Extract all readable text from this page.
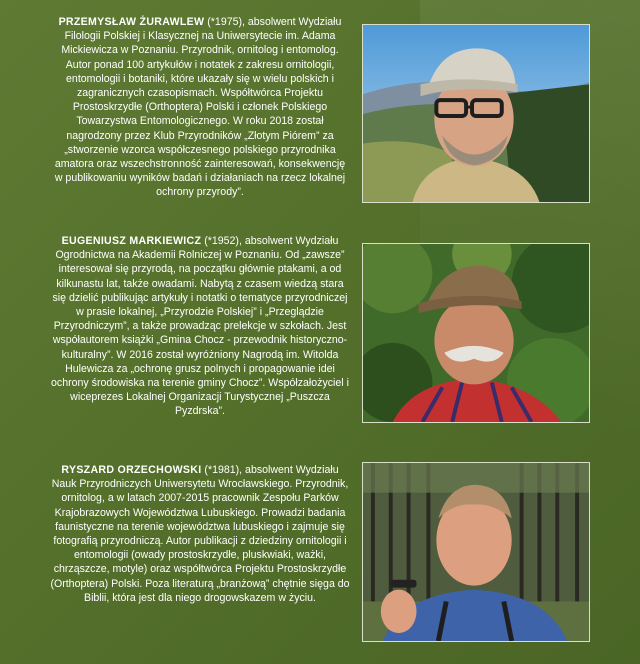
PRZEMYSŁAW ŻURAWLEW (*1975), absolwent Wydziału Filologii Polskiej i Klasycznej na Uniwersytecie im. Adama Mickiewicza w Poznaniu. Przyrodnik, ornitolog i entomolog. Autor ponad 100 artykułów i notatek z zakresu ornitologii, entomologii i botaniki, które ukazały się w wielu polskich i zagranicznych czasopismach. Współtwórca Projektu Prostoskrzydłe (Orthoptera) Polski i członek Polskiego Towarzystwa Entomologicznego. W roku 2018 został nagrodzony przez Klub Przyrodników „Złotym Piórem” za „stworzenie wzorca współczesnego polskiego przyrodnika amatora oraz wszechstronność zainteresowań, konsekwencję w publikowaniu wyników badań i działaniach na rzecz lokalnej ochrony przyrody”.

EUGENIUSZ MARKIEWICZ (*1952), absolwent Wydziału Ogrodnictwa na Akademii Rolniczej w Poznaniu. Od „zawsze” interesował się przyrodą, na początku głównie ptakami, a od kilkunastu lat, także owadami. Nabytą z czasem wiedzą stara się dzielić publikując artykuły i notatki o tematyce przyrodniczej w prasie lokalnej, „Przyrodzie Polskiej” i „Przeglądzie Przyrodniczym”, a także prowadząc prelekcje w szkołach. Jest współautorem książki „Gmina Chocz - przewodnik historyczno-kulturalny”. W 2016 został wyróżniony Nagrodą im. Witolda Hulewicza za „ochronę grusz polnych i propagowanie idei ochrony środowiska na terenie gminy Chocz”. Współzałożyciel i wiceprezes Lokalnej Organizacji Turystycznej „Puszcza Pyzdrska”.

RYSZARD ORZECHOWSKI (*1981), absolwent Wydziału Nauk Przyrodniczych Uniwersytetu Wrocławskiego. Przyrodnik, ornitolog, a w latach 2007-2015 pracownik Zespołu Parków Krajobrazowych Województwa Lubuskiego. Prowadzi badania faunistyczne na terenie województwa lubuskiego i zajmuje się fotografią przyrodniczą. Autor publikacji z dziedziny ornitologii i entomologii (owady prostoskrzydłe, pluskwiaki, ważki, chrząszcze, motyle) oraz współtwórca Projektu Prostoskrzydłe (Orthoptera) Polski. Poza literaturą „branżową” chętnie sięga do Biblii, która jest dla niego drogowskazem w życiu.
